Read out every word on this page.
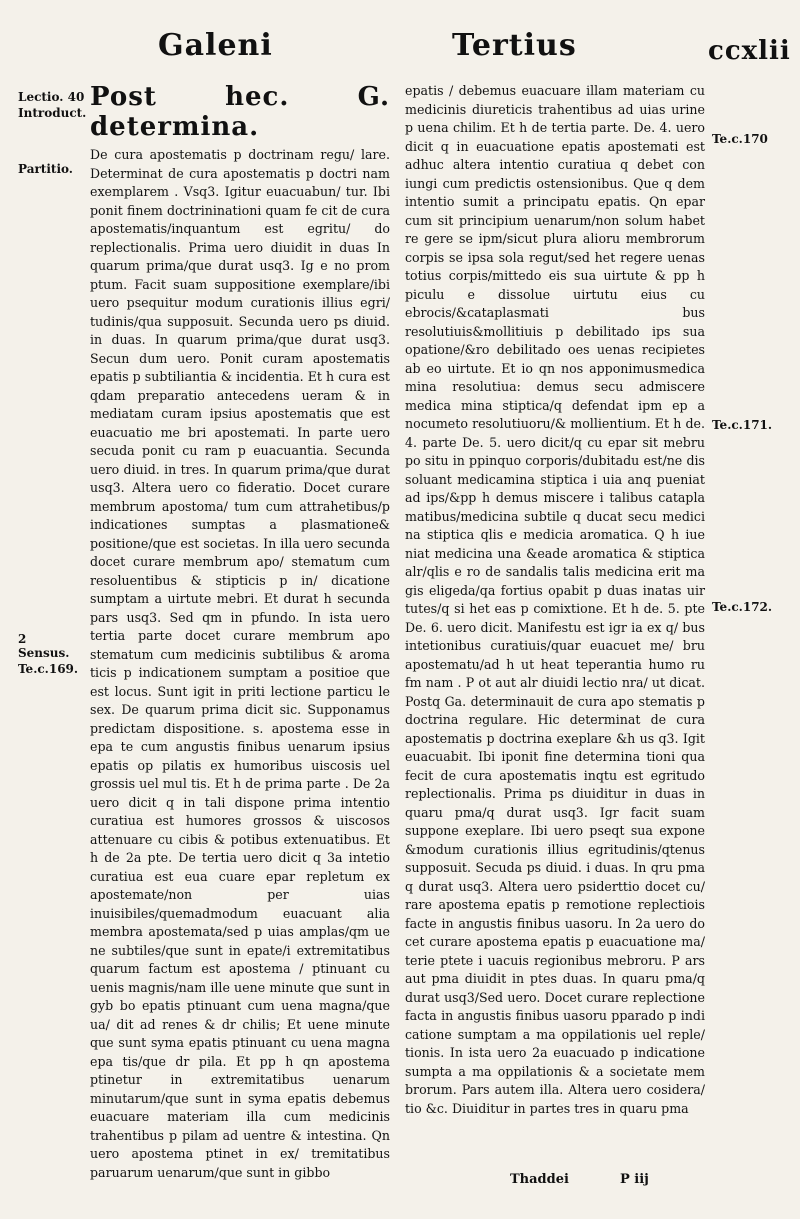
Galeni	Tertius	ccxlii
Lectio. 40
Introduct.
Partitio.
2
Sensus.
Te.c.169.
Te.c.170
Te.c.171.
Te.c.172.
Post hec. G. determina.

De cura apostematis p doctrinam regu/ lare. Determinat de cura apostematis p doctri nam exemplarem . Vsq3. Igitur euacuabun/ tur. Ibi ponit finem doctrininationi quam fe cit de cura apostematis/inquantum est egritu/ do replectionalis. Prima uero diuidit in duas In quarum prima/que durat usq3. Ig e no prom ptum. Facit suam suppositione exemplare/ibi uero psequitur modum curationis illius egri/ tudinis/qua supposuit. Secunda uero ps diuid. in duas. In quarum prima/que durat usq3. Secun dum uero. Ponit curam apostematis epatis p subtiliantia & incidentia. Et h cura est qdam preparatio antecedens ueram & in mediatam curam ipsius apostematis que est euacuatio me bri apostemati. In parte uero secuda ponit cu ram p euacuantia. Secunda uero diuid. in tres. In quarum prima/que durat usq3. Altera uero co fideratio. Docet curare membrum apostoma/ tum cum attrahetibus/p indicationes sumptas a plasmatione& positione/que est societas. In illa uero secunda docet curare membrum apo/ stematum cum resoluentibus & stipticis p in/ dicatione sumptam a uirtute mebri. Et durat h secunda pars usq3. Sed qm in pfundo. In ista uero tertia parte docet curare membrum apo stematum cum medicinis subtilibus & aroma ticis p indicationem sumptam a positioe que est locus. Sunt igit in priti lectione particu le sex. De quarum prima dicit sic. Supponamus predictam dispositione. s. apostema esse in epa te cum angustis finibus uenarum ipsius epatis op pilatis ex humoribus uiscosis uel grossis uel mul tis. Et h de prima parte . De 2a uero dicit q in tali dispone prima intentio curatiua est humores grossos & uiscosos attenuare cu cibis & potibus extenuatibus. Et h de 2a pte. De tertia uero dicit q 3a intetio curatiua est eua cuare epar repletum ex apostemate/non per uias inuisibiles/quemadmodum euacuant alia membra apostemata/sed p uias amplas/qm ue ne subtiles/que sunt in epate/i extremitatibus quarum factum est apostema / ptinuant cu uenis magnis/nam ille uene minute que sunt in gyb bo epatis ptinuant cum uena magna/que ua/ dit ad renes & dr chilis; Et uene minute que sunt syma epatis ptinuant cu uena magna epa tis/que dr pila. Et pp h qn apostema ptinetur in extremitatibus uenarum minutarum/que sunt in syma epatis debemus euacuare materiam illa cum medicinis trahentibus p pilam ad uentre & intestina. Qn uero apostema ptinet in ex/ tremitatibus paruarum uenarum/que sunt in gibbo

epatis / debemus euacuare illam materiam cu medicinis diureticis trahentibus ad uias urine p uena chilim. Et h de tertia parte. De. 4. uero dicit q in euacuatione epatis apostemati est adhuc altera intentio curatiua q debet con iungi cum predictis ostensionibus. Que q dem intentio sumit a principatu epatis. Qn epar cum sit principium uenarum/non solum habet re gere se ipm/sicut plura alioru membrorum corpis se ipsa sola regut/sed het regere uenas totius corpis/mittedo eis sua uirtute & pp h piculu e dissolue uirtutu eius cu ebrocis/&cataplasmati bus resolutiuis&mollitiuis p debilitado ips sua opatione/&ro debilitado oes uenas recipietes ab eo uirtute. Et io qn nos apponimusmedica mina resolutiua: demus secu admiscere medica mina stiptica/q defendat ipm ep a nocumeto resolutiuoru/& mollientium. Et h de. 4. parte De. 5. uero dicit/q cu epar sit mebru po situ in ppinquo corporis/dubitadu est/ne dis soluant medicamina stiptica i uia anq pueniat ad ips/&pp h demus miscere i talibus catapla matibus/medicina subtile q ducat secu medici na stiptica qlis e medicia aromatica. Q h iue niat medicina una &eade aromatica & stiptica alr/qlis e ro de sandalis talis medicina erit ma gis eligeda/qa fortius opabit p duas inatas uir tutes/q si het eas p comixtione. Et h de. 5. pte De. 6. uero dicit. Manifestu est igr ia ex q/ bus intetionibus curatiuis/quar euacuet me/ bru apostematu/ad h ut heat teperantia humo ru fm nam . P ot aut alr diuidi lectio nra/ ut dicat. Postq Ga. determinauit de cura apo stematis p doctrina regulare. Hic determinat de cura apostematis p doctrina exeplare &h us q3. Igit euacuabit. Ibi iponit fine determina tioni qua fecit de cura apostematis inqtu est egritudo replectionalis. Prima ps diuiditur in duas in quaru pma/q durat usq3. Igr facit suam suppone exeplare. Ibi uero pseqt sua expone &modum curationis illius egritudinis/qtenus supposuit. Secuda ps diuid. i duas. In qru pma q durat usq3. Altera uero psiderttio docet cu/ rare apostema epatis p remotione replectiois facte in angustis finibus uasoru. In 2a uero do cet curare apostema epatis p euacuatione ma/ terie ptete i uacuis regionibus mebroru. P ars aut pma diuidit in ptes duas. In quaru pma/q durat usq3/Sed uero. Docet curare replectione facta in angustis finibus uasoru pparado p indi catione sumptam a ma oppilationis uel reple/ tionis. In ista uero 2a euacuado p indicatione sumpta a ma oppilationis & a societate mem brorum. Pars autem illa. Altera uero cosidera/ tio &c. Diuiditur in partes tres in quaru pma

Thaddei	P iij
